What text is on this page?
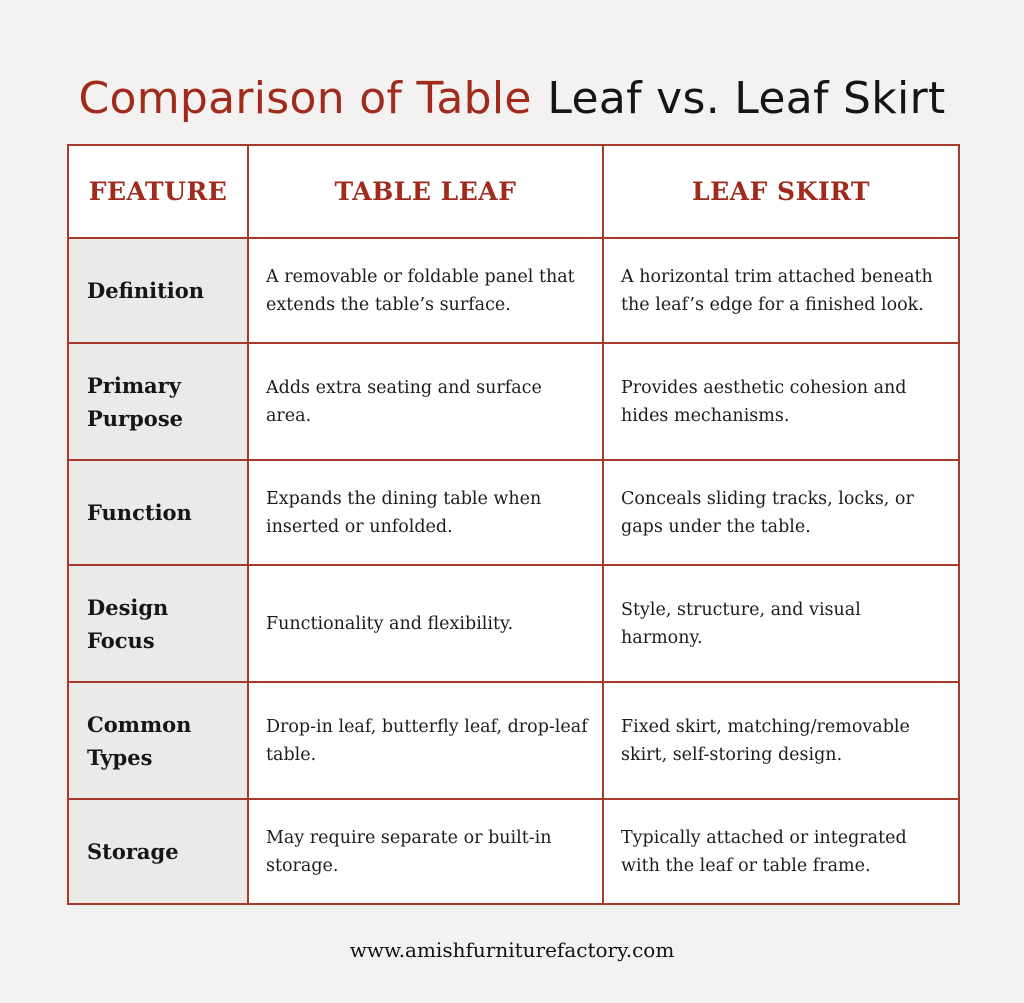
Comparison of Table Leaf vs. Leaf Skirt
FEATURE	TABLE LEAF	LEAF SKIRT
Definition	A removable or foldable panel that extends the table’s surface.	A horizontal trim attached beneath the leaf’s edge for a finished look.
Primary Purpose	Adds extra seating and surface area.	Provides aesthetic cohesion and hides mechanisms.
Function	Expands the dining table when inserted or unfolded.	Conceals sliding tracks, locks, or gaps under the table.
Design Focus	Functionality and flexibility.	Style, structure, and visual harmony.
Common Types	Drop-in leaf, butterfly leaf, drop-leaf table.	Fixed skirt, matching/removable skirt, self-storing design.
Storage	May require separate or built-in storage.	Typically attached or integrated with the leaf or table frame.
www.amishfurniturefactory.com
